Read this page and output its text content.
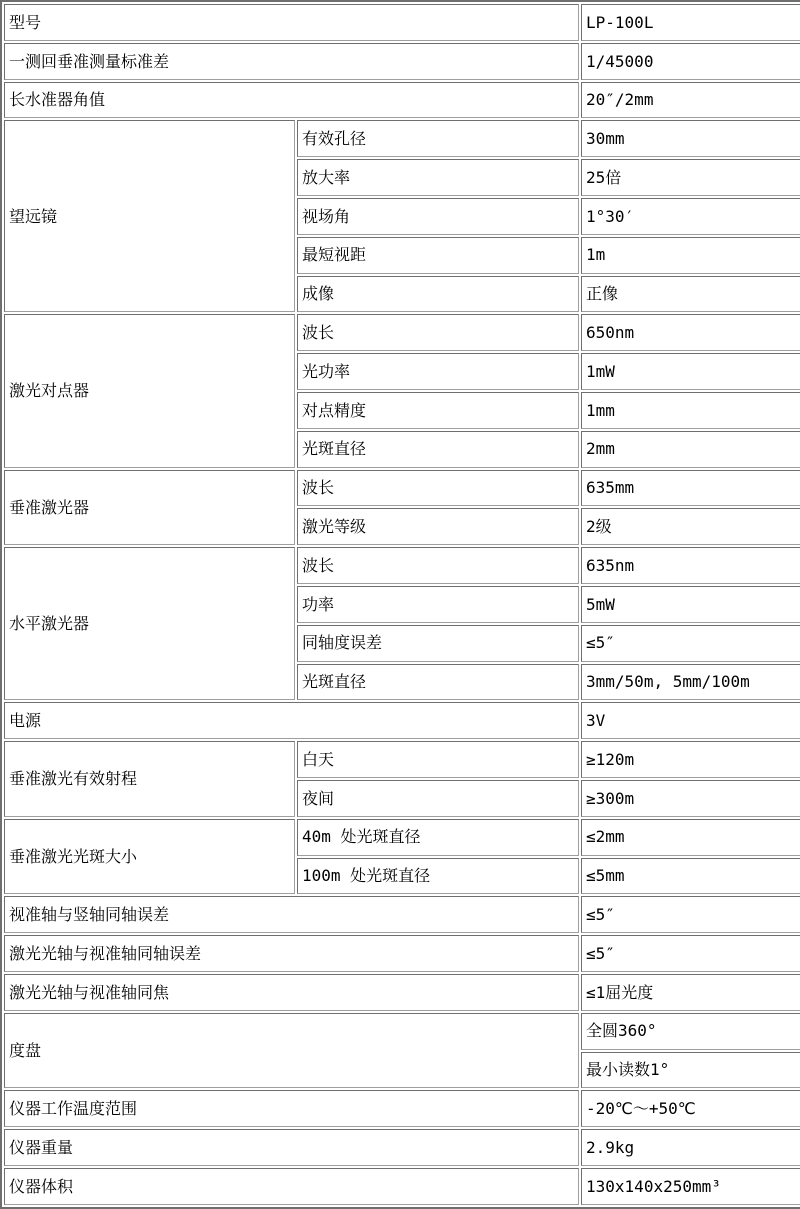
型号		LP-100L
一测回垂准测量标准差		1/45000
长水准器角值		20″/2mm
望远镜	有效孔径	30mm
	放大率	25倍
	视场角	1°30′
	最短视距	1m
	成像	正像
激光对点器	波长	650nm
	光功率	1mW
	对点精度	1mm
	光斑直径	2mm
垂准激光器	波长	635mm
	激光等级	2级
水平激光器	波长	635nm
	功率	5mW
	同轴度误差	≤5″
	光斑直径	3mm/50m, 5mm/100m
电源		3V
垂准激光有效射程	白天	≥120m
	夜间	≥300m
垂准激光光斑大小	40m 处光斑直径	≤2mm
	100m 处光斑直径	≤5mm
视准轴与竖轴同轴误差		≤5″
激光光轴与视准轴同轴误差		≤5″
激光光轴与视准轴同焦		≤1屈光度
度盘		全圆360°
		最小读数1°
仪器工作温度范围		-20℃～+50℃
仪器重量		2.9kg
仪器体积		130x140x250mm³
